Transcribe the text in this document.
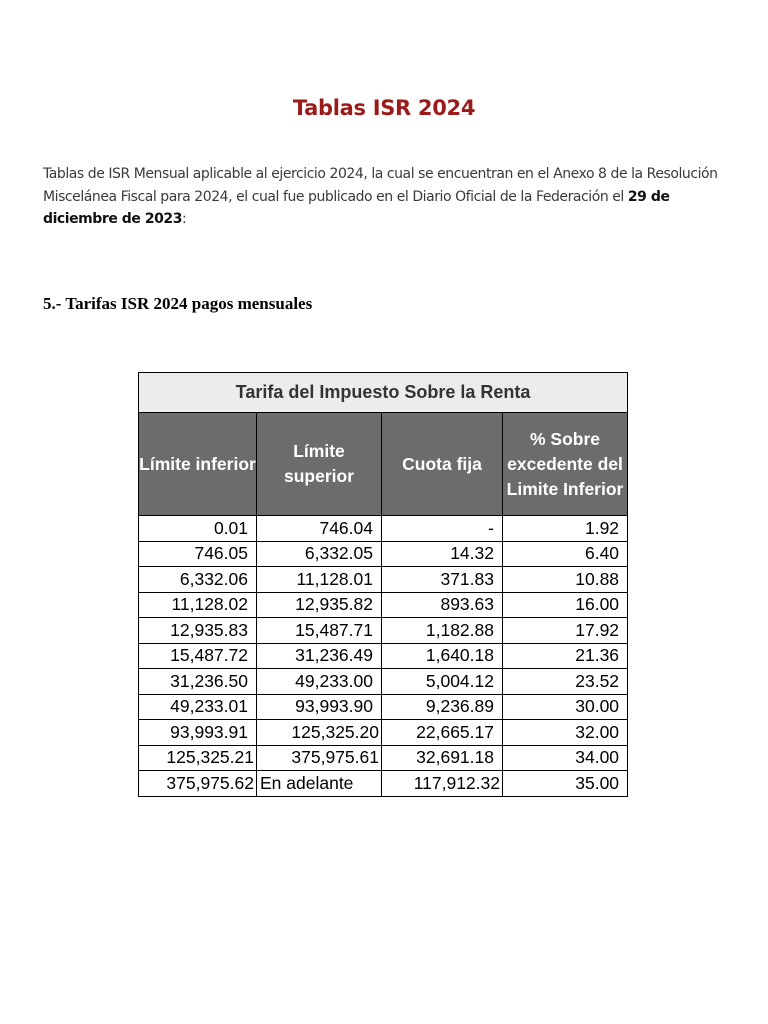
Tablas ISR 2024

Tablas de ISR Mensual aplicable al ejercicio 2024, la cual se encuentran en el Anexo 8 de la Resolución Miscelánea Fiscal para 2024, el cual fue publicado en el Diario Oficial de la Federación el 29 de diciembre de 2023:

5.- Tarifas ISR 2024 pagos mensuales
Tarifa del Impuesto Sobre la Renta			
Límite inferior	Límite superior	Cuota fija	% Sobre excedente del Limite Inferior
0.01	746.04	-	1.92
746.05	6,332.05	14.32	6.40
6,332.06	11,128.01	371.83	10.88
11,128.02	12,935.82	893.63	16.00
12,935.83	15,487.71	1,182.88	17.92
15,487.72	31,236.49	1,640.18	21.36
31,236.50	49,233.00	5,004.12	23.52
49,233.01	93,993.90	9,236.89	30.00
93,993.91	125,325.20	22,665.17	32.00
125,325.21	375,975.61	32,691.18	34.00
375,975.62	En adelante	117,912.32	35.00
